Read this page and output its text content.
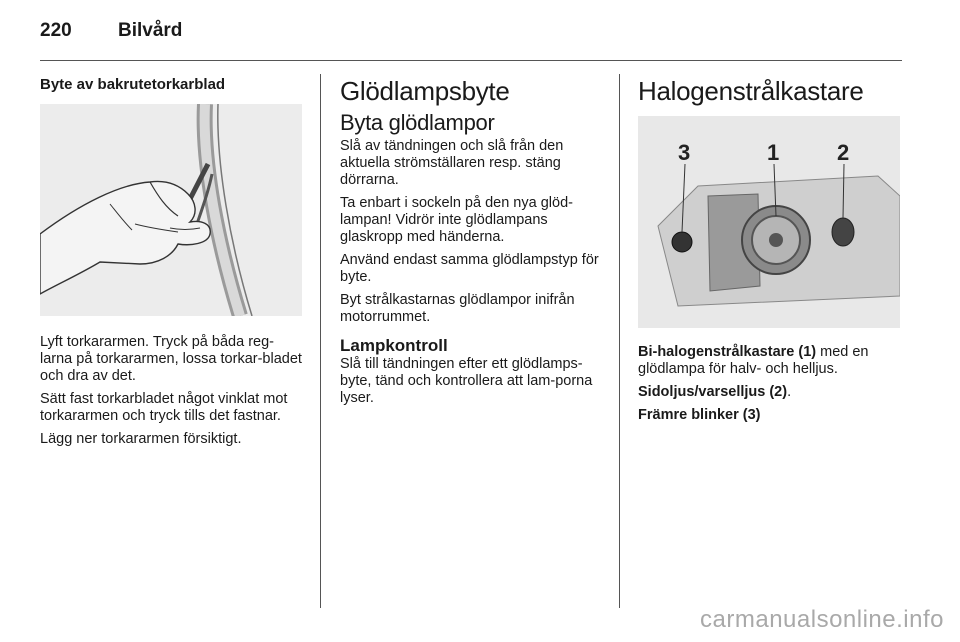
220 Bilvård
Byte av bakrutetorkarblad

Lyft torkararmen. Tryck på båda reg-larna på torkararmen, lossa torkar-bladet och dra av det.

Sätt fast torkarbladet något vinklat mot torkararmen och tryck tills det fastnar.

Lägg ner torkararmen försiktigt.

Glödlampsbyte
Byta glödlampor

Slå av tändningen och slå från den aktuella strömställaren resp. stäng dörrarna.

Ta enbart i sockeln på den nya glöd-lampan! Vidrör inte glödlampans glaskropp med händerna.

Använd endast samma glödlampstyp för byte.

Byt strålkastarnas glödlampor inifrån motorrummet.

Lampkontroll

Slå till tändningen efter ett glödlamps-byte, tänd och kontrollera att lam-porna lyser.

Halogenstrålkastare
3	1	2

Bi-halogenstrålkastare (1) med en glödlampa för halv- och helljus.

Sidoljus/varselljus (2).

Främre blinker (3)

carmanualsonline.info
